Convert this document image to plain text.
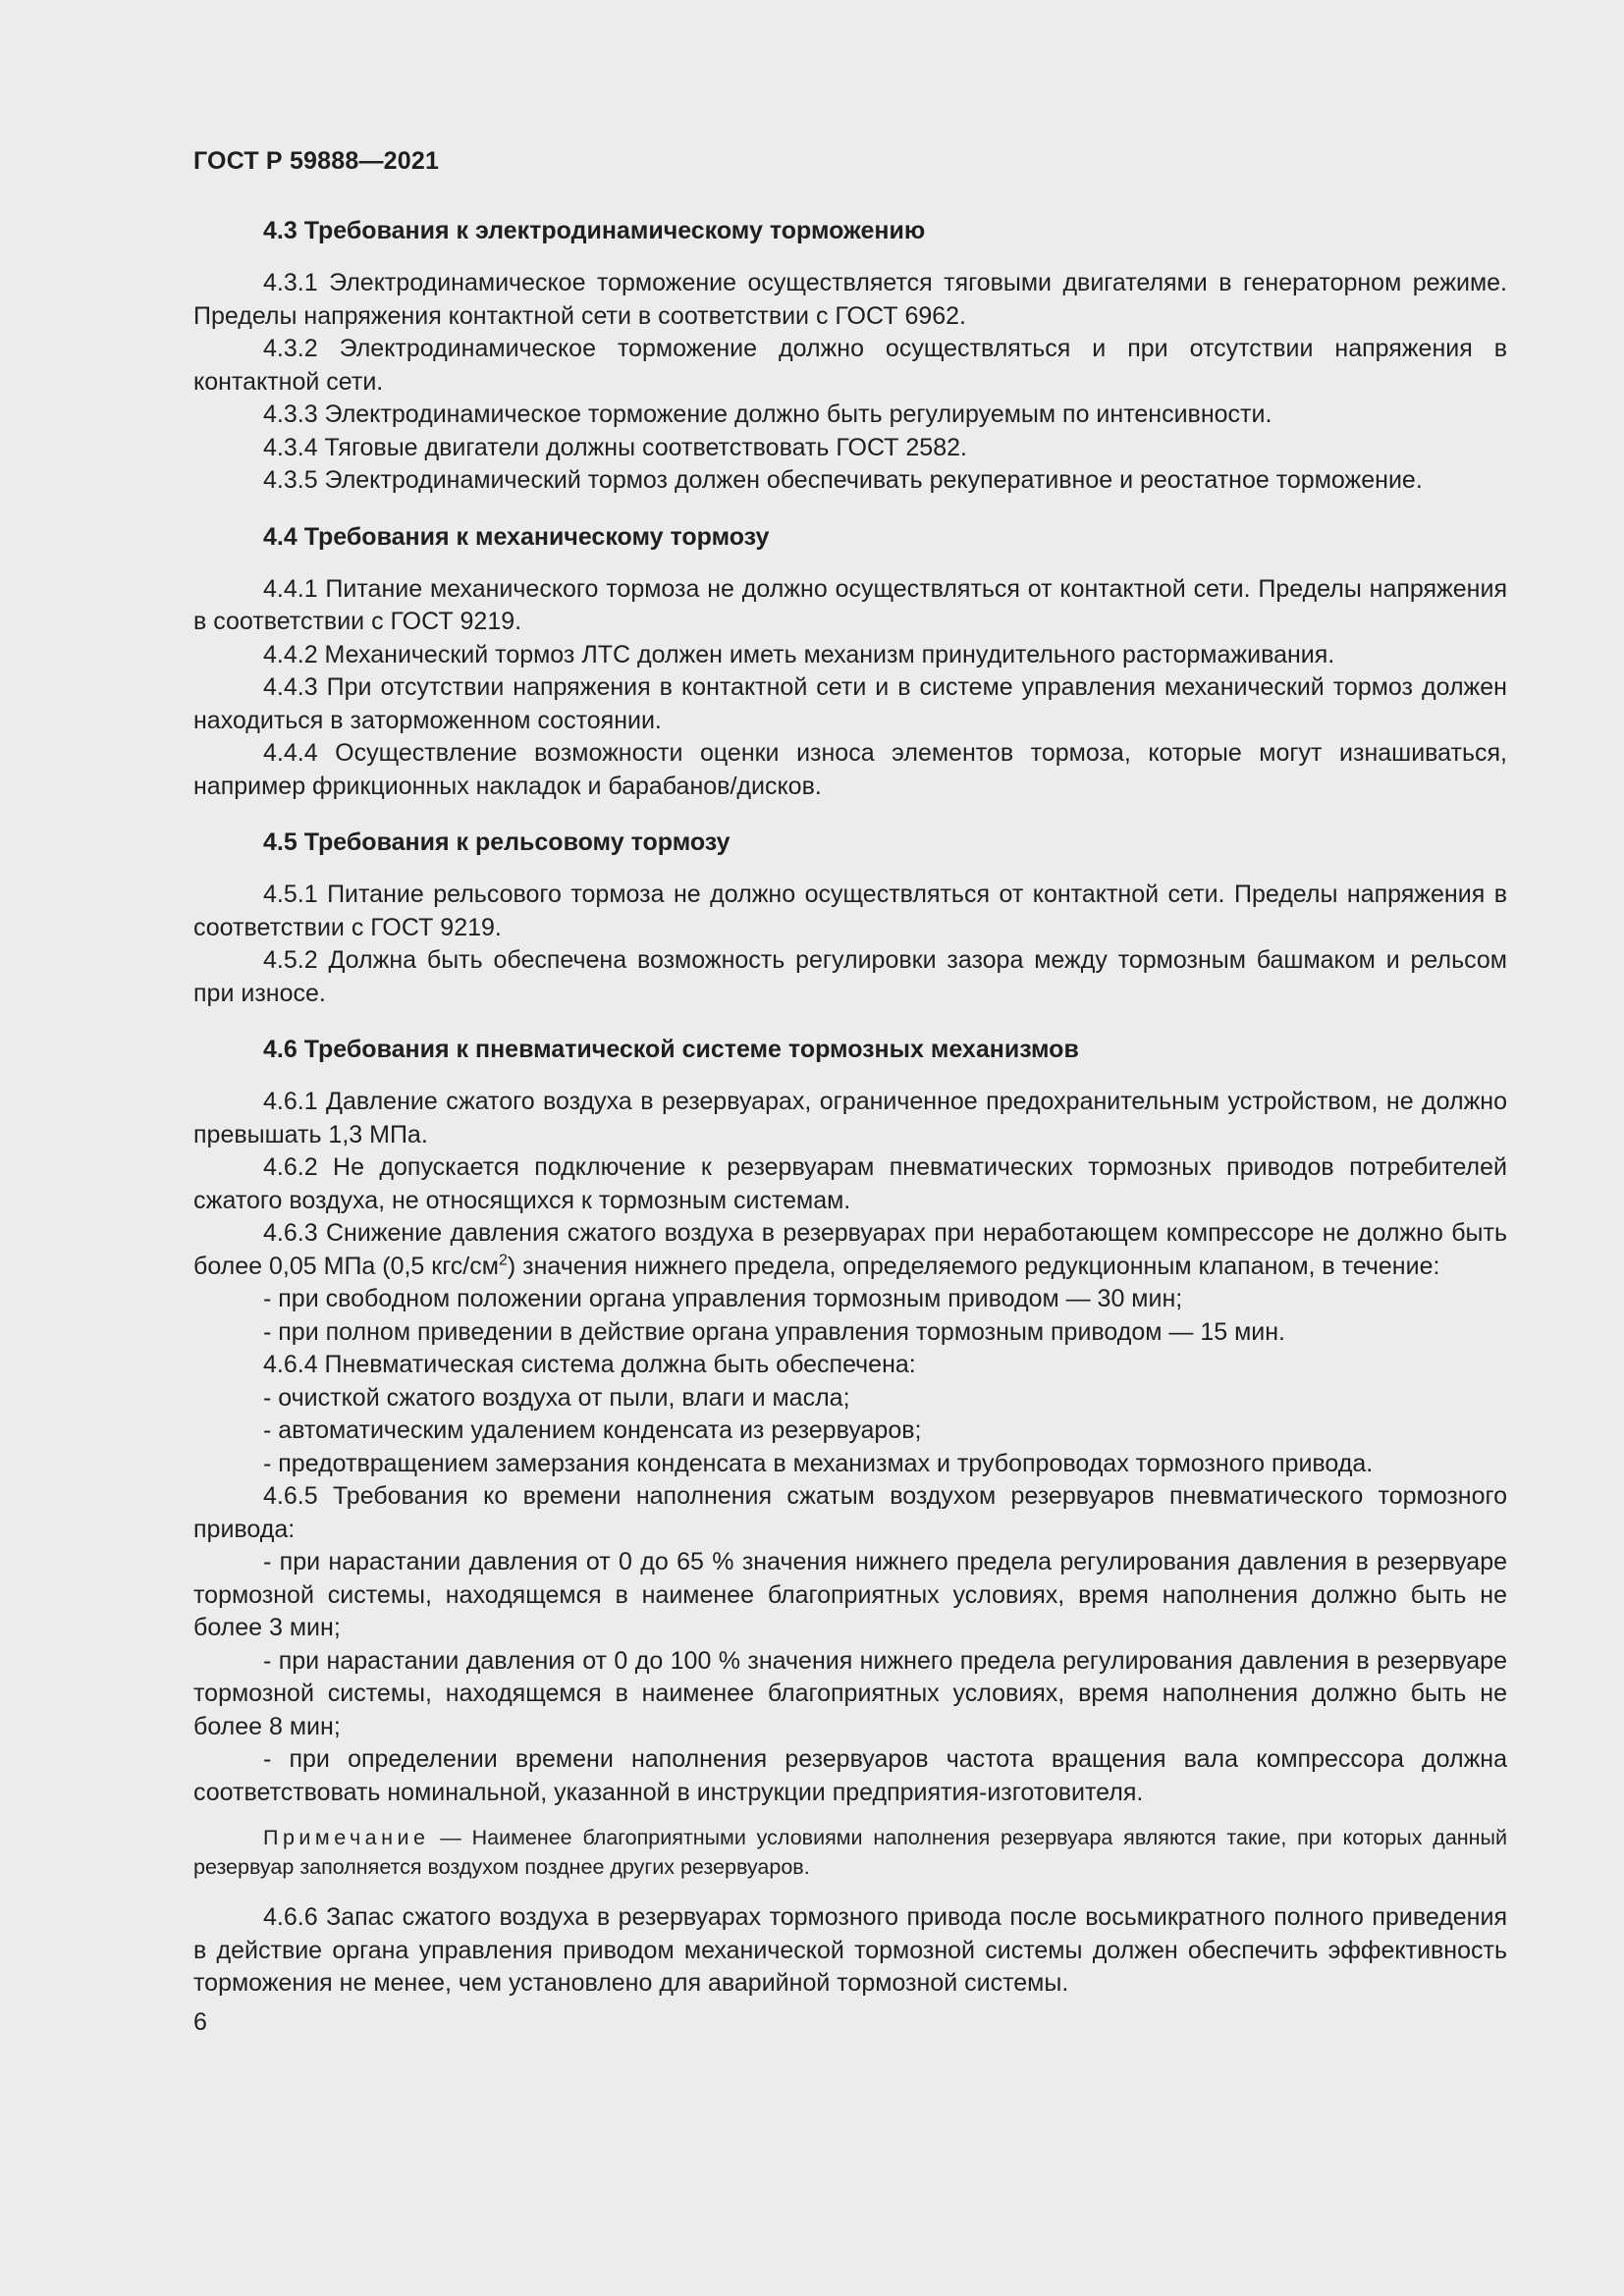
ГОСТ Р 59888—2021
4.3 Требования к электродинамическому торможению

4.3.1 Электродинамическое торможение осуществляется тяговыми двигателями в генераторном режиме. Пределы напряжения контактной сети в соответствии с ГОСТ 6962.

4.3.2 Электродинамическое торможение должно осуществляться и при отсутствии напряжения в контактной сети.

4.3.3 Электродинамическое торможение должно быть регулируемым по интенсивности.

4.3.4 Тяговые двигатели должны соответствовать ГОСТ 2582.

4.3.5 Электродинамический тормоз должен обеспечивать рекуперативное и реостатное торможение.

4.4 Требования к механическому тормозу

4.4.1 Питание механического тормоза не должно осуществляться от контактной сети. Пределы напряжения в соответствии с ГОСТ 9219.

4.4.2 Механический тормоз ЛТС должен иметь механизм принудительного растормаживания.

4.4.3 При отсутствии напряжения в контактной сети и в системе управления механический тормоз должен находиться в заторможенном состоянии.

4.4.4 Осуществление возможности оценки износа элементов тормоза, которые могут изнашиваться, например фрикционных накладок и барабанов/дисков.

4.5 Требования к рельсовому тормозу

4.5.1 Питание рельсового тормоза не должно осуществляться от контактной сети. Пределы напряжения в соответствии с ГОСТ 9219.

4.5.2 Должна быть обеспечена возможность регулировки зазора между тормозным башмаком и рельсом при износе.

4.6 Требования к пневматической системе тормозных механизмов

4.6.1 Давление сжатого воздуха в резервуарах, ограниченное предохранительным устройством, не должно превышать 1,3 МПа.

4.6.2 Не допускается подключение к резервуарам пневматических тормозных приводов потребителей сжатого воздуха, не относящихся к тормозным системам.

4.6.3 Снижение давления сжатого воздуха в резервуарах при неработающем компрессоре не должно быть более 0,05 МПа (0,5 кгс/$см^2$) значения нижнего предела, определяемого редукционным клапаном, в течение:

- при свободном положении органа управления тормозным приводом — 30 мин;

- при полном приведении в действие органа управления тормозным приводом — 15 мин.

4.6.4 Пневматическая система должна быть обеспечена:

- очисткой сжатого воздуха от пыли, влаги и масла;

- автоматическим удалением конденсата из резервуаров;

- предотвращением замерзания конденсата в механизмах и трубопроводах тормозного привода.

4.6.5 Требования ко времени наполнения сжатым воздухом резервуаров пневматического тормозного привода:

- при нарастании давления от 0 до 65 % значения нижнего предела регулирования давления в резервуаре тормозной системы, находящемся в наименее благоприятных условиях, время наполнения должно быть не более 3 мин;

- при нарастании давления от 0 до 100 % значения нижнего предела регулирования давления в резервуаре тормозной системы, находящемся в наименее благоприятных условиях, время наполнения должно быть не более 8 мин;

- при определении времени наполнения резервуаров частота вращения вала компрессора должна соответствовать номинальной, указанной в инструкции предприятия-изготовителя.

Примечание — Наименее благоприятными условиями наполнения резервуара являются такие, при которых данный резервуар заполняется воздухом позднее других резервуаров.

4.6.6 Запас сжатого воздуха в резервуарах тормозного привода после восьмикратного полного приведения в действие органа управления приводом механической тормозной системы должен обеспечить эффективность торможения не менее, чем установлено для аварийной тормозной системы.

6
